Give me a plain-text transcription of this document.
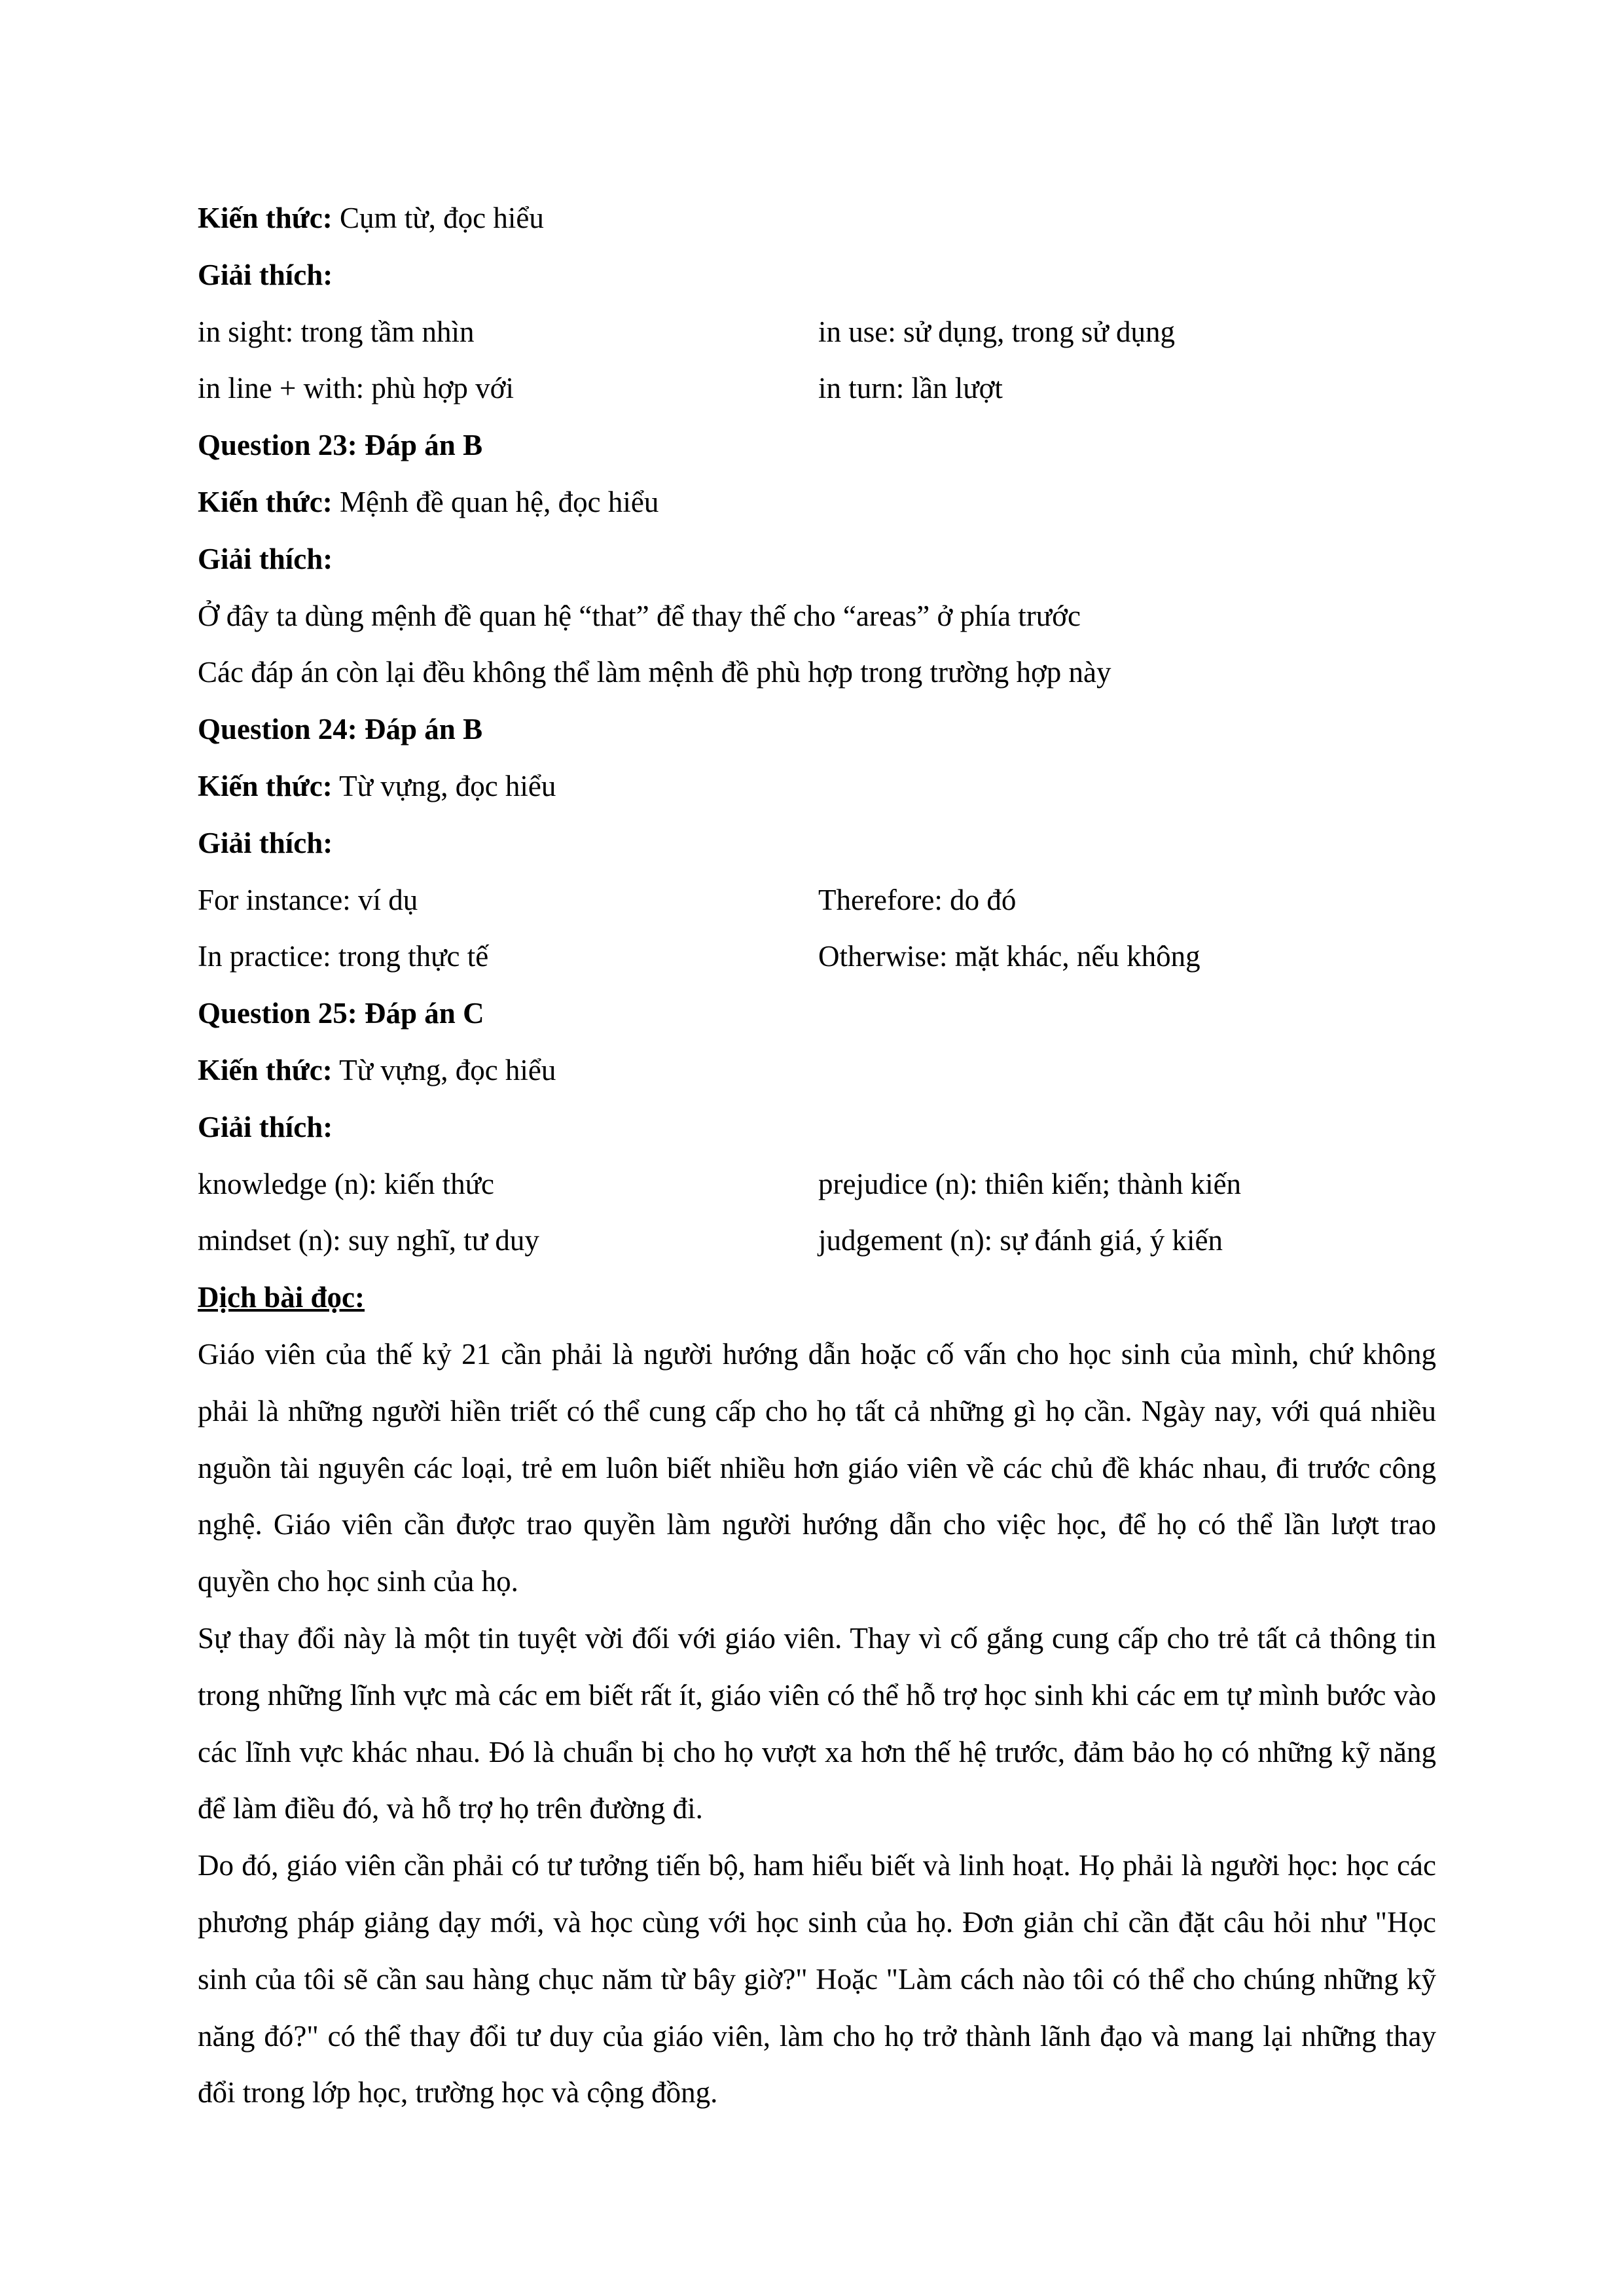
Kiến thức: Cụm từ, đọc hiểu
Giải thích:
in sight: trong tầm nhìn	in use: sử dụng, trong sử dụng
in line + with: phù hợp với	in turn: lần lượt
Question 23: Đáp án B
Kiến thức: Mệnh đề quan hệ, đọc hiểu
Giải thích:
Ở đây ta dùng mệnh đề quan hệ “that” để thay thế cho “areas” ở phía trước
Các đáp án còn lại đều không thể làm mệnh đề phù hợp trong trường hợp này
Question 24: Đáp án B
Kiến thức: Từ vựng, đọc hiểu
Giải thích:
For instance: ví dụ	Therefore: do đó
In practice: trong thực tế	Otherwise: mặt khác, nếu không
Question 25: Đáp án C
Kiến thức: Từ vựng, đọc hiểu
Giải thích:
knowledge (n): kiến thức	prejudice (n): thiên kiến; thành kiến
mindset (n): suy nghĩ, tư duy	judgement (n): sự đánh giá, ý kiến
Dịch bài đọc:

Giáo viên của thế kỷ 21 cần phải là người hướng dẫn hoặc cố vấn cho học sinh của mình, chứ không phải là những người hiền triết có thể cung cấp cho họ tất cả những gì họ cần. Ngày nay, với quá nhiều nguồn tài nguyên các loại, trẻ em luôn biết nhiều hơn giáo viên về các chủ đề khác nhau, đi trước công nghệ. Giáo viên cần được trao quyền làm người hướng dẫn cho việc học, để họ có thể lần lượt trao quyền cho học sinh của họ.

Sự thay đổi này là một tin tuyệt vời đối với giáo viên. Thay vì cố gắng cung cấp cho trẻ tất cả thông tin trong những lĩnh vực mà các em biết rất ít, giáo viên có thể hỗ trợ học sinh khi các em tự mình bước vào các lĩnh vực khác nhau. Đó là chuẩn bị cho họ vượt xa hơn thế hệ trước, đảm bảo họ có những kỹ năng để làm điều đó, và hỗ trợ họ trên đường đi.

Do đó, giáo viên cần phải có tư tưởng tiến bộ, ham hiểu biết và linh hoạt. Họ phải là người học: học các phương pháp giảng dạy mới, và học cùng với học sinh của họ. Đơn giản chỉ cần đặt câu hỏi như "Học sinh của tôi sẽ cần sau hàng chục năm từ bây giờ?" Hoặc "Làm cách nào tôi có thể cho chúng những kỹ năng đó?" có thể thay đổi tư duy của giáo viên, làm cho họ trở thành lãnh đạo và mang lại những thay đổi trong lớp học, trường học và cộng đồng.
